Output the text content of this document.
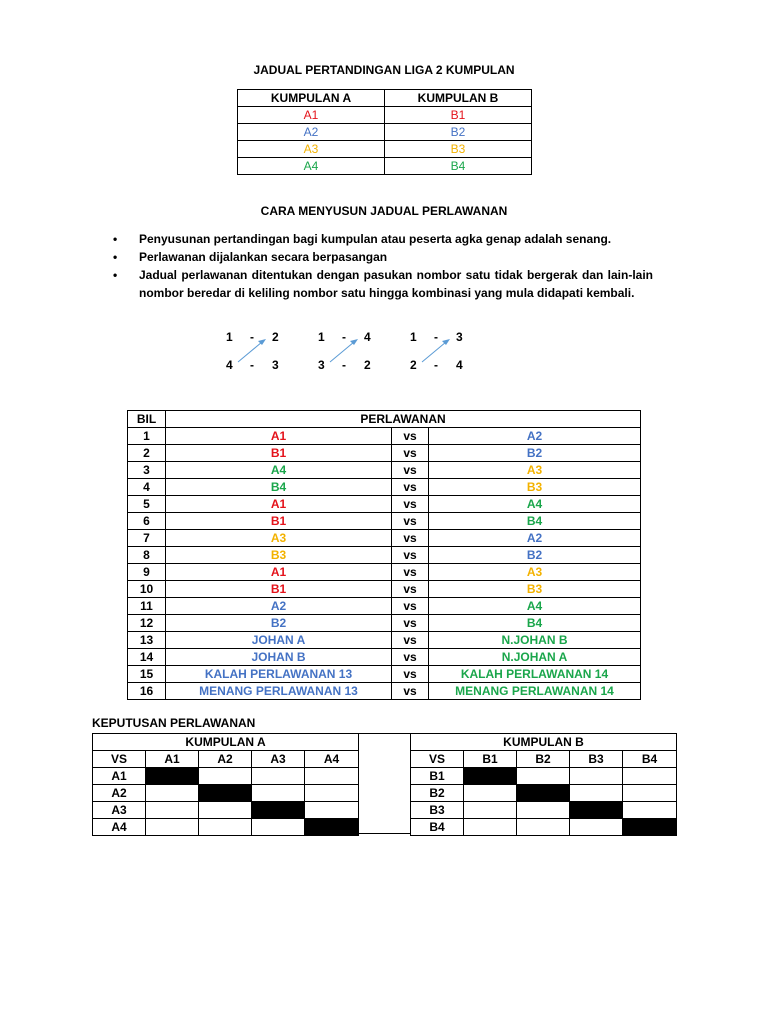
JADUAL PERTANDINGAN LIGA 2 KUMPULAN
KUMPULAN A	KUMPULAN B
A1	B1
A2	B2
A3	B3
A4	B4
CARA MENYUSUN JADUAL PERLAWANAN
• Penyusunan pertandingan bagi kumpulan atau peserta agka genap adalah senang.
• Perlawanan dijalankan secara berpasangan
• Jadual perlawanan ditentukan dengan pasukan nombor satu tidak bergerak dan lain-lain nombor beredar di keliling nombor satu hingga kombinasi yang mula didapati kembali.
1 - 2
4 - 3
1 - 4
3 - 2
1 - 3
2 - 4
BIL	PERLAWANAN		
1	A1	vs	A2
2	B1	vs	B2
3	A4	vs	A3
4	B4	vs	B3
5	A1	vs	A4
6	B1	vs	B4
7	A3	vs	A2
8	B3	vs	B2
9	A1	vs	A3
10	B1	vs	B3
11	A2	vs	A4
12	B2	vs	B4
13	JOHAN A	vs	N.JOHAN B
14	JOHAN B	vs	N.JOHAN A
15	KALAH PERLAWANAN 13	vs	KALAH PERLAWANAN 14
16	MENANG PERLAWANAN 13	vs	MENANG PERLAWANAN 14
KEPUTUSAN PERLAWANAN
KUMPULAN A				
VS	A1	A2	A3	A4
A1				
A2				
A3				
A4				
KUMPULAN B				
VS	B1	B2	B3	B4
B1				
B2				
B3				
B4				
